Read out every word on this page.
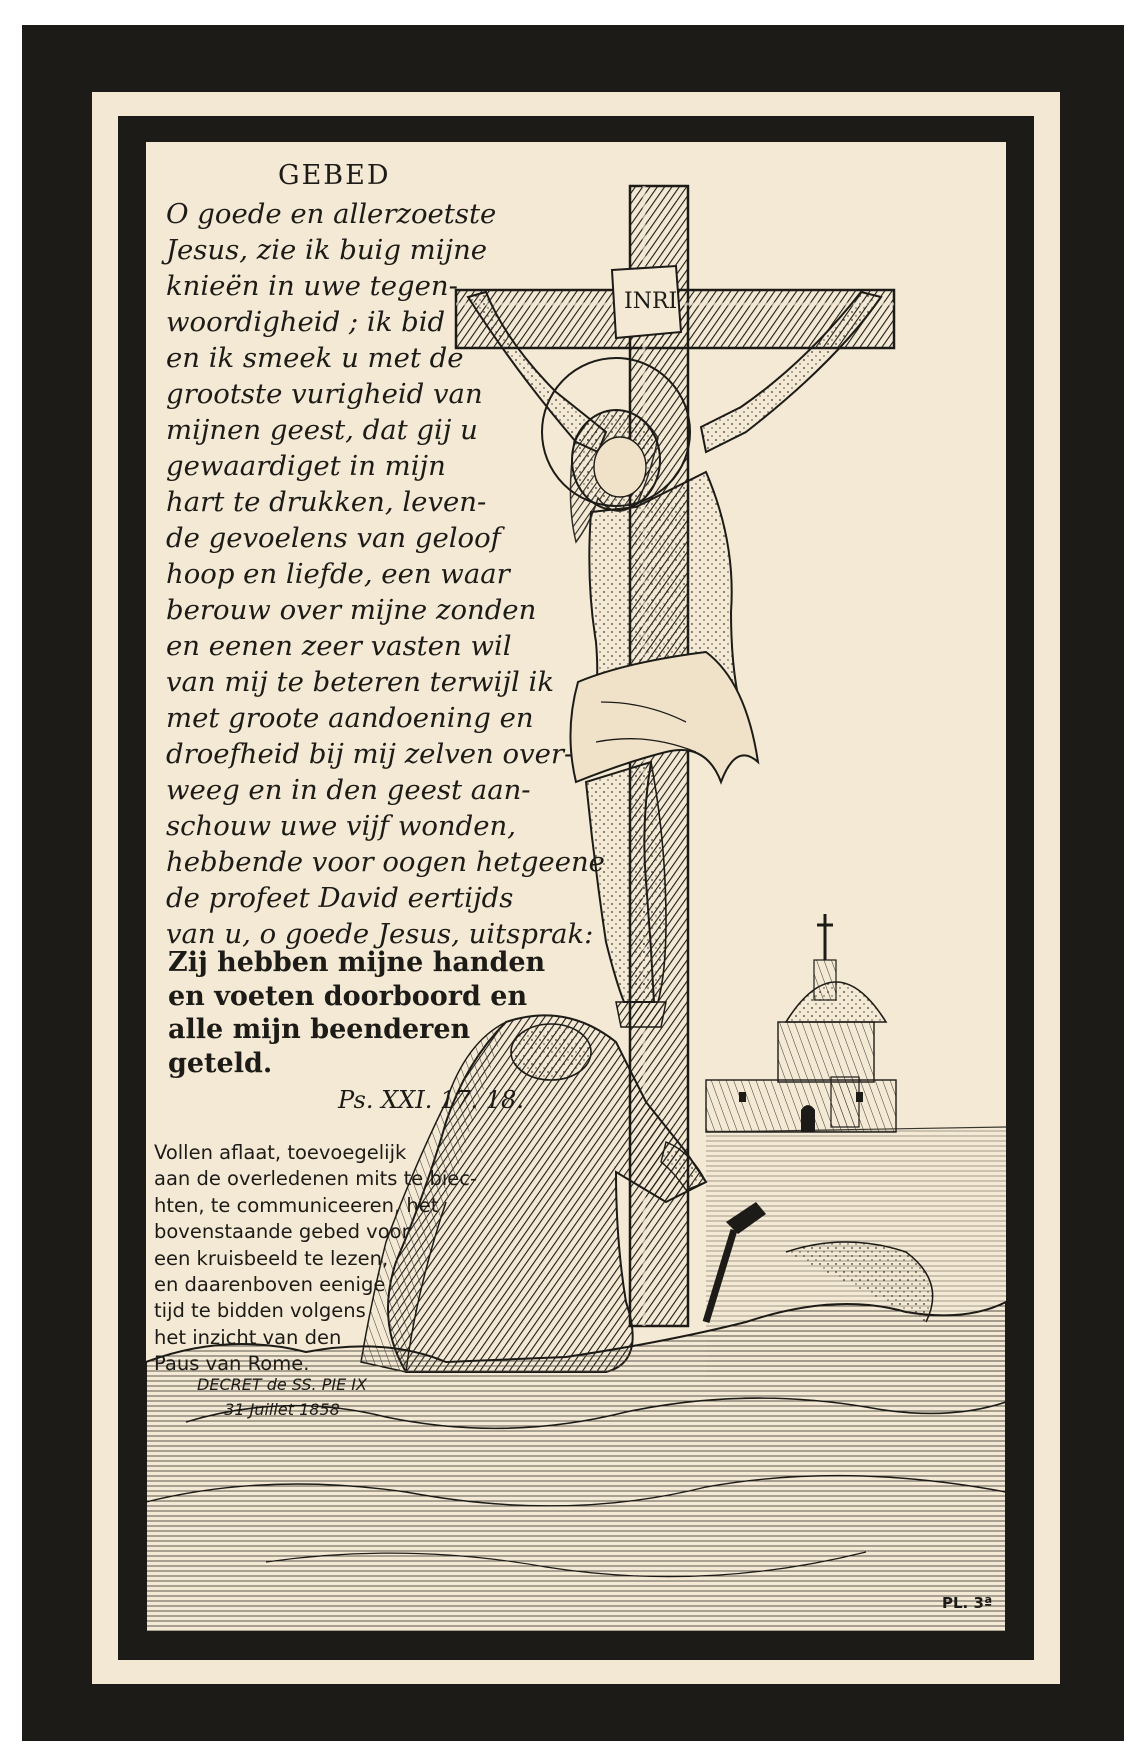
INRI
GEBED
O goede en allerzoetste
Jesus, zie ik buig mijne
knieën in uwe tegen-
woordigheid ; ik bid
en ik smeek u met de
grootste vurigheid van
mijnen geest, dat gij u
gewaardiget in mijn
hart te drukken, leven-
de gevoelens van geloof
hoop en liefde, een waar
berouw over mijne zonden
en eenen zeer vasten wil
van mij te beteren terwijl ik
met groote aandoening en
droefheid bij mij zelven over-
weeg en in den geest aan-
schouw uwe vijf wonden,
hebbende voor oogen hetgeene
de profeet David eertijds
van u, o goede Jesus, uitsprak:
Zij hebben mijne handen
en voeten doorboord en
alle mijn beenderen
geteld.
Ps. XXI. 17. 18.
Vollen aflaat, toevoegelijk
aan de overledenen mits te biec-
hten, te communiceeren, het
bovenstaande gebed voor
een kruisbeeld te lezen,
en daarenboven eenige
tijd te bidden volgens
het inzicht van den
Paus van Rome.
DECRET de SS. PIE IX
31 Juillet 1858
PL. 3ª
